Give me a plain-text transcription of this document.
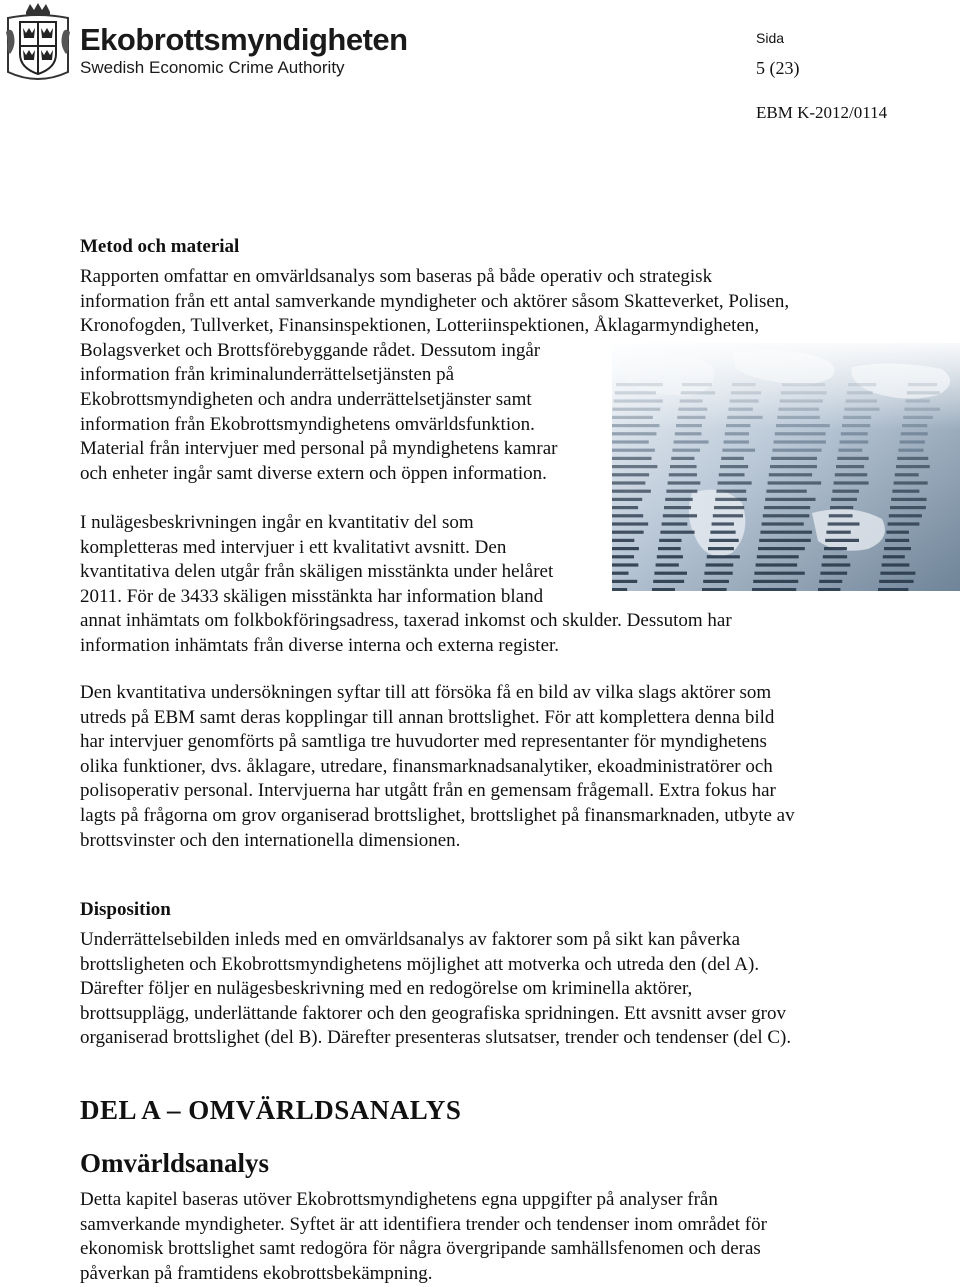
Ekobrottsmyndigheten
Swedish Economic Crime Authority
Sida
5 (23)
EBM K-2012/0114
Metod och material
Rapporten omfattar en omvärldsanalys som baseras på både operativ och strategisk
information från ett antal samverkande myndigheter och aktörer såsom Skatteverket, Polisen,
Kronofogden, Tullverket, Finansinspektionen, Lotteriinspektionen, Åklagarmyndigheten,
Bolagsverket och Brottsförebyggande rådet. Dessutom ingår
information från kriminalunderrättelsetjänsten på
Ekobrottsmyndigheten och andra underrättelsetjänster samt
information från Ekobrottsmyndighetens omvärldsfunktion.
Material från intervjuer med personal på myndighetens kamrar
och enheter ingår samt diverse extern och öppen information.
I nulägesbeskrivningen ingår en kvantitativ del som
kompletteras med intervjuer i ett kvalitativt avsnitt. Den
kvantitativa delen utgår från skäligen misstänkta under helåret
2011. För de 3433 skäligen misstänkta har information bland
annat inhämtats om folkbokföringsadress, taxerad inkomst och skulder. Dessutom har
information inhämtats från diverse interna och externa register.
Den kvantitativa undersökningen syftar till att försöka få en bild av vilka slags aktörer som
utreds på EBM samt deras kopplingar till annan brottslighet. För att komplettera denna bild
har intervjuer genomförts på samtliga tre huvudorter med representanter för myndighetens
olika funktioner, dvs. åklagare, utredare, finansmarknadsanalytiker, ekoadministratörer och
polisoperativ personal. Intervjuerna har utgått från en gemensam frågemall. Extra fokus har
lagts på frågorna om grov organiserad brottslighet, brottslighet på finansmarknaden, utbyte av
brottsvinster och den internationella dimensionen.
Disposition
Underrättelsebilden inleds med en omvärldsanalys av faktorer som på sikt kan påverka
brottsligheten och Ekobrottsmyndighetens möjlighet att motverka och utreda den (del A).
Därefter följer en nulägesbeskrivning med en redogörelse om kriminella aktörer,
brottsupplägg, underlättande faktorer och den geografiska spridningen. Ett avsnitt avser grov
organiserad brottslighet (del B). Därefter presenteras slutsatser, trender och tendenser (del C).
DEL A – OMVÄRLDSANALYS
Omvärldsanalys
Detta kapitel baseras utöver Ekobrottsmyndighetens egna uppgifter på analyser från
samverkande myndigheter. Syftet är att identifiera trender och tendenser inom området för
ekonomisk brottslighet samt redogöra för några övergripande samhällsfenomen och deras
påverkan på framtidens ekobrottsbekämpning.
